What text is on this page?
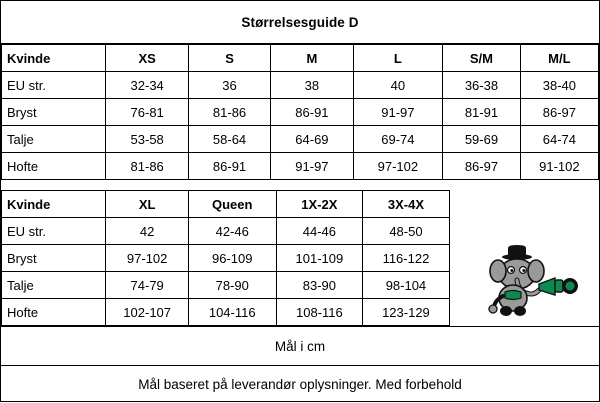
Størrelsesguide D
Kvinde	XS	S	M	L	S/M	M/L
EU str.	32-34	36	38	40	36-38	38-40
Bryst	76-81	81-86	86-91	91-97	81-91	86-97
Talje	53-58	58-64	64-69	69-74	59-69	64-74
Hofte	81-86	86-91	91-97	97-102	86-97	91-102
Kvinde	XL	Queen	1X-2X	3X-4X	
EU str.	42	42-46	44-46	48-50	
Bryst	97-102	96-109	101-109	116-122	
Talje	74-79	78-90	83-90	98-104	
Hofte	102-107	104-116	108-116	123-129	
Mål i cm
Mål baseret på leverandør oplysninger. Med forbehold
